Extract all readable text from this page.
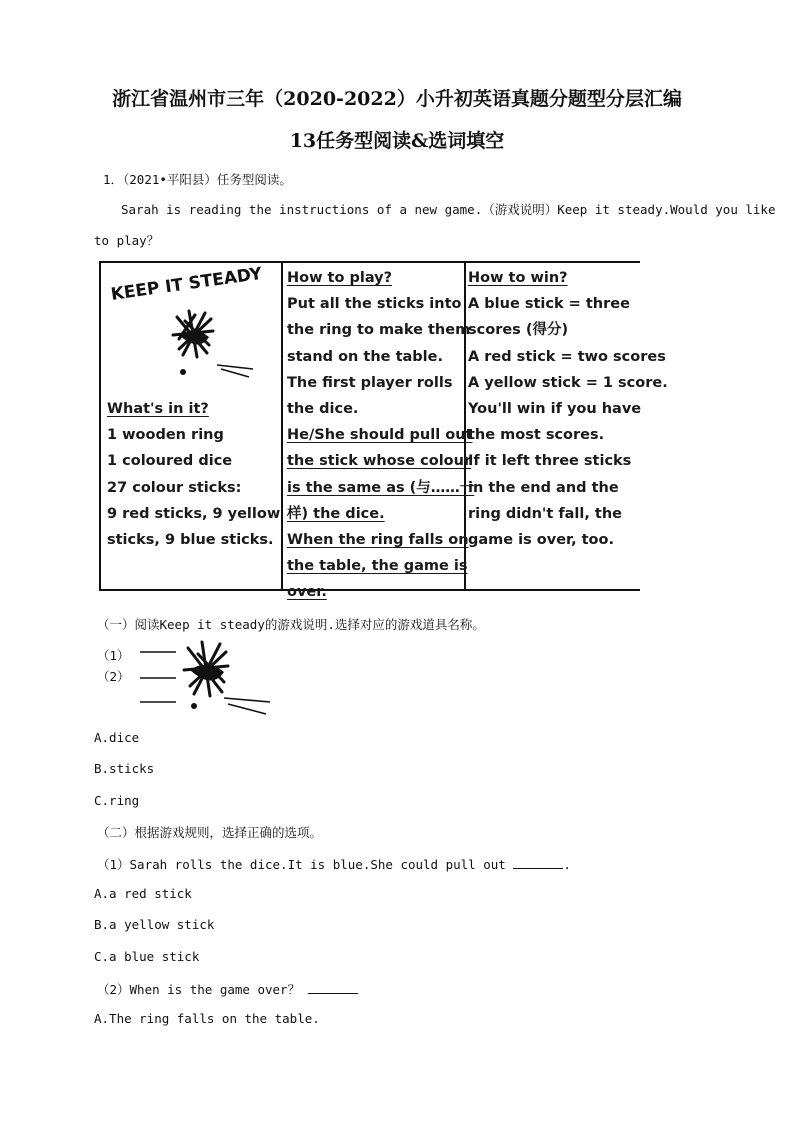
浙江省温州市三年（2020-2022）小升初英语真题分题型分层汇编
13任务型阅读&选词填空
1．（2021•平阳县）任务型阅读。
Sarah is reading the instructions of a new game.（游戏说明）Keep it steady.Would you like
to play？
KEEP IT STEADY
What's in it?
1 wooden ring
1 coloured dice
27 colour sticks:
9 red sticks, 9 yellow
sticks, 9 blue sticks.
How to play?
Put all the sticks into
the ring to make them
stand on the table.
The first player rolls
the dice.
He/She should pull out
the stick whose colour
is the same as (与……一
样) the dice.
When the ring falls on
the table, the game is
over.
How to win?
A blue stick = three
scores (得分)
A red stick = two scores
A yellow stick = 1 score.
You'll win if you have
the most scores.
If it left three sticks
in the end and the
ring didn't fall, the
game is over, too.
（一）阅读Keep it steady的游戏说明.选择对应的游戏道具名称。
（1）
（2）
A.dice
B.sticks
C.ring
（二）根据游戏规则，选择正确的选项。
（1）Sarah rolls the dice.It is blue.She could pull out	.
A.a red stick
B.a yellow stick
C.a blue stick
（2）When is the game over？
A.The ring falls on the table.
